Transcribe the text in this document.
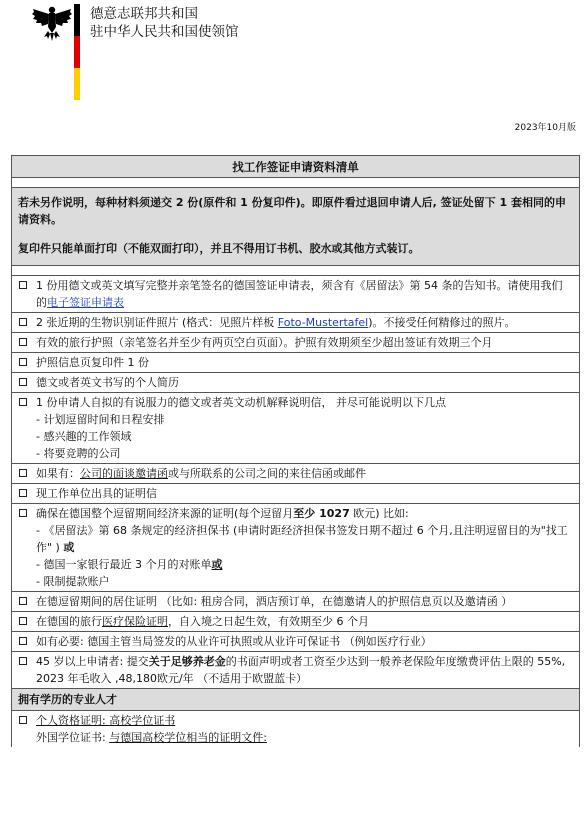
德意志联邦共和国
驻中华人民共和国使领馆
2023年10月版
找工作签证申请资料清单

若未另作说明，每种材料须递交 2 份(原件和 1 份复印件)。即原件看过退回申请人后, 签证处留下 1 套相同的申请资料。

复印件只能单面打印（不能双面打印），并且不得用订书机、胶水或其他方式装订。

1 份用德文或英文填写完整并亲笔签名的德国签证申请表，须含有《居留法》第 54 条的告知书。请使用我们的电子签证申请表
2 张近期的生物识别证件照片 (格式：见照片样板 Foto-Mustertafel)。不接受任何精修过的照片。
有效的旅行护照（亲笔签名并至少有两页空白页面）。护照有效期须至少超出签证有效期三个月
护照信息页复印件 1 份
德文或者英文书写的个人简历
1 份申请人自拟的有说服力的德文或者英文动机解释说明信， 并尽可能说明以下几点
- 计划逗留时间和日程安排
- 感兴趣的工作领域
- 将要竞聘的公司
如果有：公司的面谈邀请函或与所联系的公司之间的来往信函或邮件
现工作单位出具的证明信
确保在德国整个逗留期间经济来源的证明(每个逗留月至少 1027 欧元) 比如:
- 《居留法》第 68 条规定的经济担保书 (申请时距经济担保书签发日期不超过 6 个月,且注明逗留目的为"找工作" ) 或
- 德国一家银行最近 3 个月的对账单或
- 限制提款账户
在德逗留期间的居住证明 （比如: 租房合同，酒店预订单，在德邀请人的护照信息页以及邀请函 ）
在德国的旅行医疗保险证明，自入境之日起生效，有效期至少 6 个月
如有必要: 德国主管当局签发的从业许可执照或从业许可保证书 （例如医疗行业）
45 岁以上申请者: 提交关于足够养老金的书面声明或者工资至少达到一般养老保险年度缴费评估上限的 55%, 2023 年毛收入 ,48,180欧元/年 （不适用于欧盟蓝卡）
拥有学历的专业人才
个人资格证明: 高校学位证书
外国学位证书: 与德国高校学位相当的证明文件:
